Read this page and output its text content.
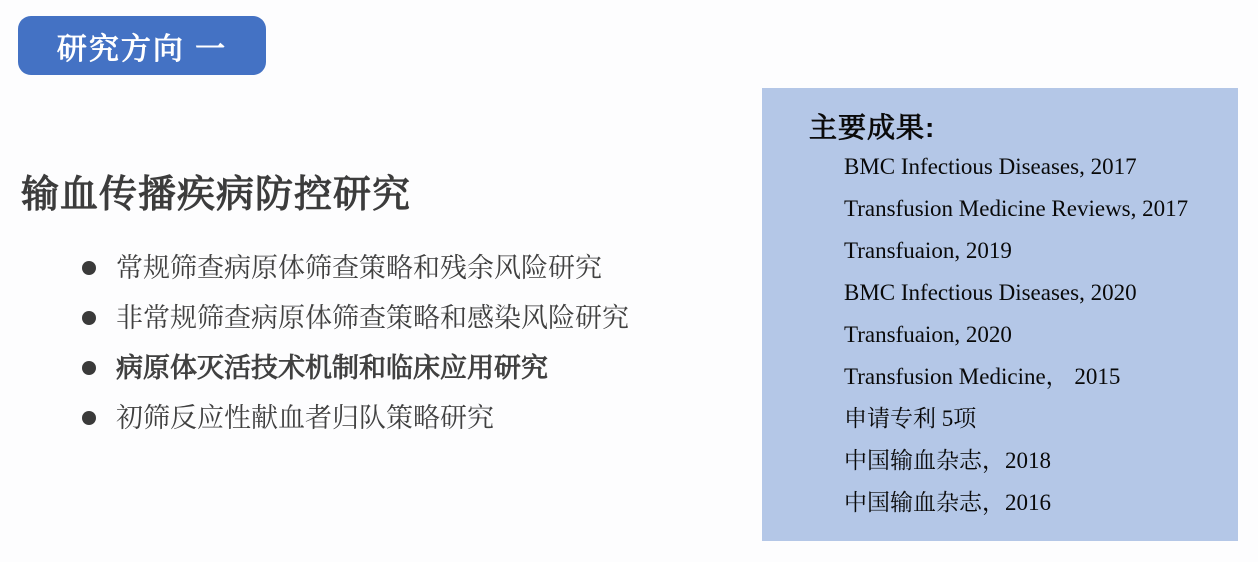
研究方向 一
输血传播疾病防控研究
常规筛查病原体筛查策略和残余风险研究
非常规筛查病原体筛查策略和感染风险研究
病原体灭活技术机制和临床应用研究
初筛反应性献血者归队策略研究
主要成果:
BMC Infectious Diseases, 2017
Transfusion Medicine Reviews, 2017
Transfuaion, 2019
BMC Infectious Diseases, 2020
Transfuaion, 2020
Transfusion Medicine， 2015
申请专利 5项
中国输血杂志，2018
中国输血杂志，2016
